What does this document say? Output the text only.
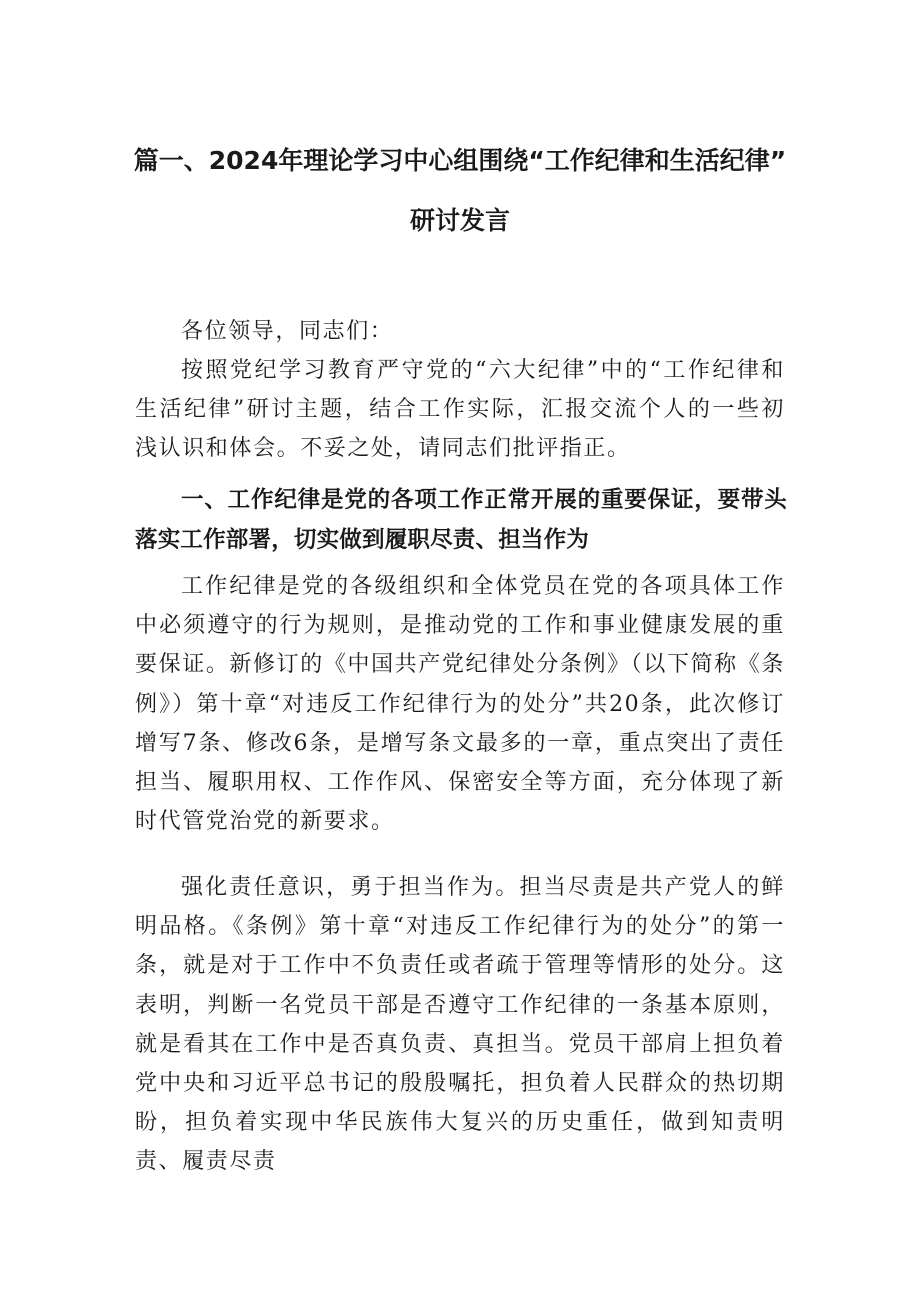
篇一、2024年理论学习中心组围绕“工作纪律和生活纪律”
研讨发言

各位领导，同志们：

按照党纪学习教育严守党的“六大纪律”中的“工作纪律和生活纪律”研讨主题，结合工作实际，汇报交流个人的一些初浅认识和体会。不妥之处，请同志们批评指正。

一、工作纪律是党的各项工作正常开展的重要保证，要带头落实工作部署，切实做到履职尽责、担当作为

工作纪律是党的各级组织和全体党员在党的各项具体工作中必须遵守的行为规则，是推动党的工作和事业健康发展的重要保证。新修订的《中国共产党纪律处分条例》（以下简称《条例》）第十章“对违反工作纪律行为的处分”共20条，此次修订增写7条、修改6条，是增写条文最多的一章，重点突出了责任担当、履职用权、工作作风、保密安全等方面，充分体现了新时代管党治党的新要求。

强化责任意识，勇于担当作为。担当尽责是共产党人的鲜明品格。《条例》第十章“对违反工作纪律行为的处分”的第一条，就是对于工作中不负责任或者疏于管理等情形的处分。这表明，判断一名党员干部是否遵守工作纪律的一条基本原则，就是看其在工作中是否真负责、真担当。党员干部肩上担负着党中央和习近平总书记的殷殷嘱托，担负着人民群众的热切期盼，担负着实现中华民族伟大复兴的历史重任，做到知责明责、履责尽责
